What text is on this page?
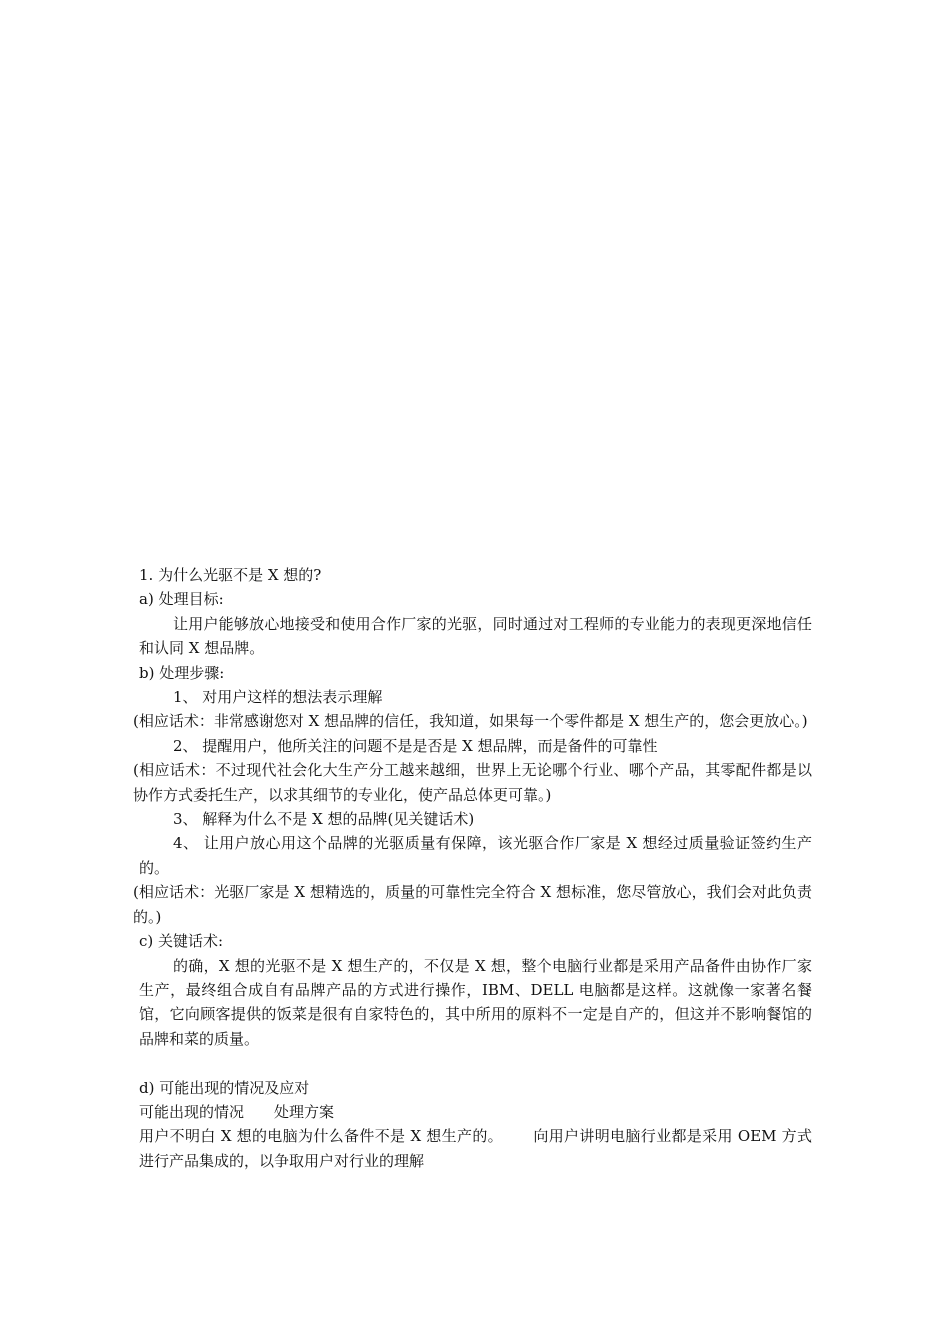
1. 为什么光驱不是 X 想的?

a) 处理目标:

让用户能够放心地接受和使用合作厂家的光驱，同时通过对工程师的专业能力的表现更深地信任和认同 X 想品牌。

b) 处理步骤:

1、 对用户这样的想法表示理解

(相应话术：非常感谢您对 X 想品牌的信任，我知道，如果每一个零件都是 X 想生产的，您会更放心。)

2、 提醒用户，他所关注的问题不是是否是 X 想品牌，而是备件的可靠性

(相应话术：不过现代社会化大生产分工越来越细，世界上无论哪个行业、哪个产品，其零配件都是以协作方式委托生产，以求其细节的专业化，使产品总体更可靠。)

3、 解释为什么不是 X 想的品牌(见关键话术)

4、 让用户放心用这个品牌的光驱质量有保障，该光驱合作厂家是 X 想经过质量验证签约生产的。

(相应话术：光驱厂家是 X 想精选的，质量的可靠性完全符合 X 想标准，您尽管放心，我们会对此负责的。)

c) 关键话术:

的确，X 想的光驱不是 X 想生产的，不仅是 X 想，整个电脑行业都是采用产品备件由协作厂家生产，最终组合成自有品牌产品的方式进行操作，IBM、DELL 电脑都是这样。这就像一家著名餐馆，它向顾客提供的饭菜是很有自家特色的，其中所用的原料不一定是自产的，但这并不影响餐馆的品牌和菜的质量。

d) 可能出现的情况及应对

可能出现的情况 处理方案

用户不明白 X 想的电脑为什么备件不是 X 想生产的。 向用户讲明电脑行业都是采用 OEM 方式进行产品集成的，以争取用户对行业的理解
